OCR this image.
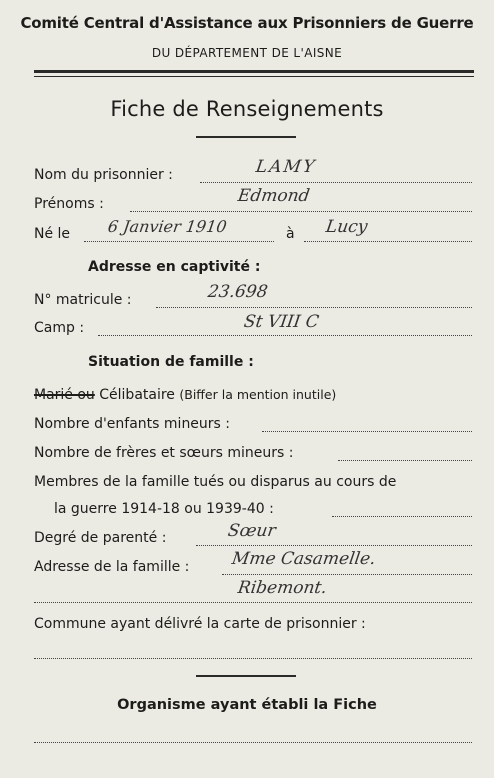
Comité Central d'Assistance aux Prisonniers de Guerre
DU DÉPARTEMENT DE L'AISNE
Fiche de Renseignements
Nom du prisonnier :	LAMY
Prénoms :	Edmond
Né le 6 Janvier 1910	à Lucy
Adresse en captivité :
N° matricule :	23.698
Camp :	St VIII C
Situation de famille :
Marié ou Célibataire (Biffer la mention inutile)
Nombre d'enfants mineurs :
Nombre de frères et sœurs mineurs :
Membres de la famille tués ou disparus au cours de
la guerre 1914-18 ou 1939-40 :
Degré de parenté :	Sœur
Adresse de la famille : Mme Casamelle.
Ribemont.
Commune ayant délivré la carte de prisonnier :
Organisme ayant établi la Fiche
